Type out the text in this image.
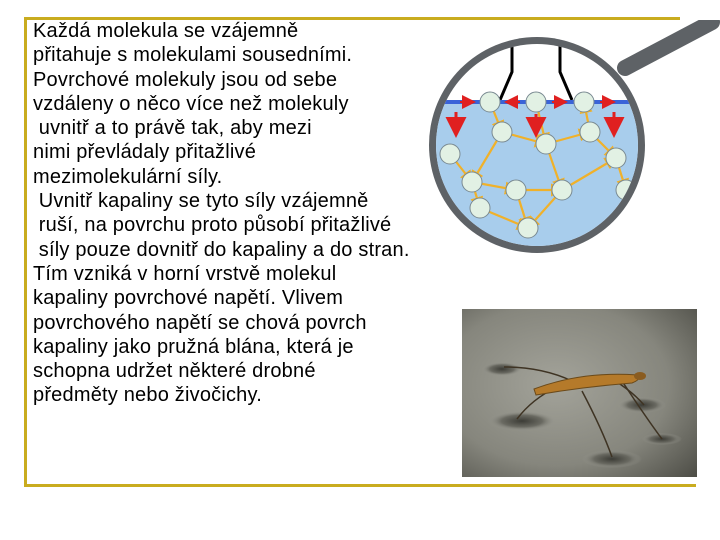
Každá molekula se vzájemně
přitahuje s molekulami sousedními.
Povrchové molekuly jsou od sebe
vzdáleny o něco více než molekuly
uvnitř a to právě tak, aby mezi
nimi převládaly přitažlivé
mezimolekulární síly.
Uvnitř kapaliny se tyto síly vzájemně
ruší, na povrchu proto působí přitažlivé
síly pouze dovnitř do kapaliny a do stran.
Tím vzniká v horní vrstvě molekul
kapaliny povrchové napětí. Vlivem
povrchového napětí se chová povrch
kapaliny jako pružná blána, která je
schopna udržet některé drobné
předměty nebo živočichy.
